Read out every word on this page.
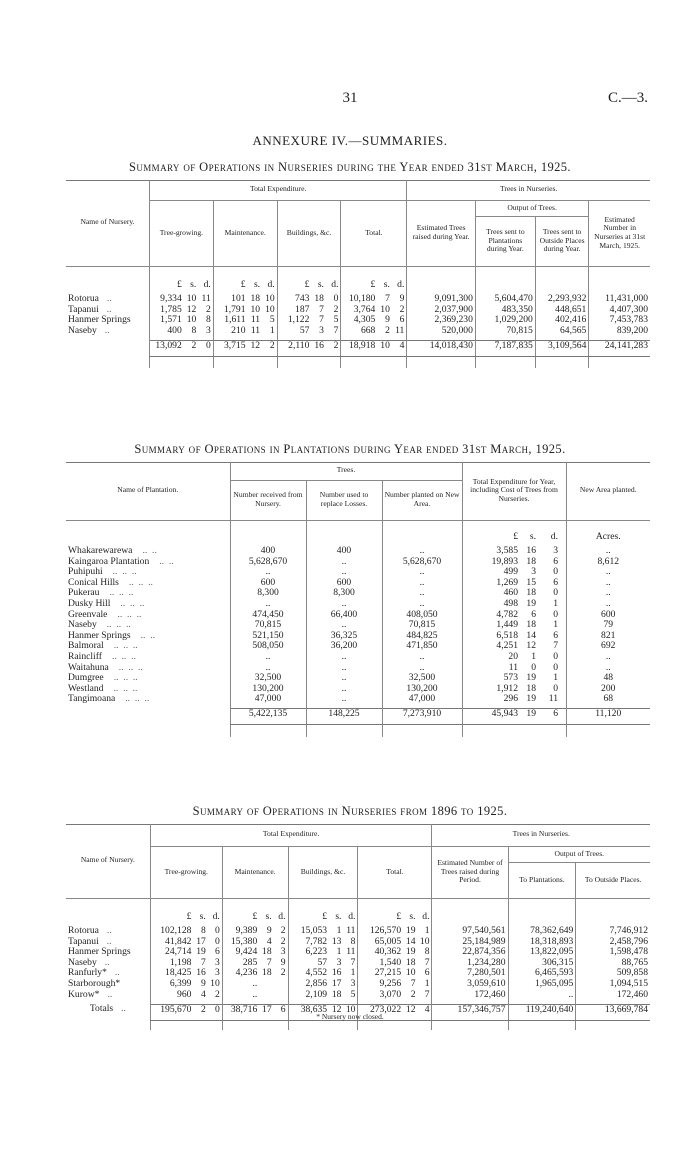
31	C.—3.
ANNEXURE IV.—SUMMARIES.
Summary of Operations in Nurseries during the Year ended 31st March, 1925.
Name of Nursery.	Total Expenditure.												Trees in Nurseries.			
	Tree-growing.			Maintenance.			Buildings, &c.			Total.			Estimated Trees raised during Year.	Output of Trees.		Estimated Number in Nurseries at 31st March, 1925.
														Trees sent to Plantations during Year.	Trees sent to Outside Places during Year.	

	£	s.	d.	£	s.	d.	£	s.	d.	£	s.	d.				
Rotorua ..	9,334	10	11	101	18	10	743	18	0	10,180	7	9	9,091,300	5,604,470	2,293,932	11,431,000
Tapanui ..	1,785	12	2	1,791	10	10	187	7	2	3,764	10	2	2,037,900	483,350	448,651	4,407,300
Hanmer Springs	1,571	10	8	1,611	11	5	1,122	7	5	4,305	9	6	2,369,230	1,029,200	402,416	7,453,783
Naseby ..	400	8	3	210	11	1	57	3	7	668	2	11	520,000	70,815	64,565	839,200

	13,092	2	0	3,715	12	2	2,110	16	2	18,918	10	4	14,018,430	7,187,835	3,109,564	24,141,283

Summary of Operations in Plantations during Year ended 31st March, 1925.
Name of Plantation.	Trees.			Total Expenditure for Year, including Cost of Trees from Nurseries.				New Area planted.
	Number received from Nursery.	Number used to replace Losses.	Number planted on New Area.					

				£	s.	d.		Acres.
Whakarewarewa ..  ..	400	400	..	3,585	16	3		..
Kaingaroa Plantation ..  ..	5,628,670	..	5,628,670	19,893	18	6		8,612
Puhipuhi ..  ..  ..	..	..	..	499	3	0		..
Conical Hills ..  ..  ..	600	600	..	1,269	15	6		..
Pukerau ..  ..  ..	8,300	8,300	..	460	18	0		..
Dusky Hill ..  ..  ..	..	..	..	498	19	1		..
Greenvale ..  ..  ..	474,450	66,400	408,050	4,782	6	0		600
Naseby ..  ..  ..	70,815	..	70,815	1,449	18	1		79
Hanmer Springs ..  ..	521,150	36,325	484,825	6,518	14	6		821
Balmoral ..  ..  ..	508,050	36,200	471,850	4,251	12	7		692
Raincliff ..  ..  ..	..	..	..	20	1	0		..
Waitahuna ..  ..  ..	..	..	..	11	0	0		..
Dumgree ..  ..  ..	32,500	..	32,500	573	19	1		48
Westland ..  ..  ..	130,200	..	130,200	1,912	18	0		200
Tangimoana ..  ..  ..	47,000	..	47,000	296	19	11		68

	5,422,135	148,225	7,273,910	45,943	19	6		11,120

Summary of Operations in Nurseries from 1896 to 1925.
Name of Nursery.	Total Expenditure.												Trees in Nurseries.		
	Tree-growing.			Maintenance.			Buildings, &c.			Total.			Estimated Number of Trees raised during Period.	Output of Trees.	
														To Plantations.	To Outside Places.

	£	s.	d.	£	s.	d.	£	s.	d.	£	s.	d.			
Rotorua ..	102,128	8	0	9,389	9	2	15,053	1	11	126,570	19	1	97,540,561	78,362,649	7,746,912
Tapanui ..	41,842	17	0	15,380	4	2	7,782	13	8	65,005	14	10	25,184,989	18,318,893	2,458,796
Hanmer Springs	24,714	19	6	9,424	18	3	6,223	1	11	40,362	19	8	22,874,356	13,822,095	1,598,478
Naseby ..	1,198	7	3	285	7	9	57	3	7	1,540	18	7	1,234,280	306,315	88,765
Ranfurly* ..	18,425	16	3	4,236	18	2	4,552	16	1	27,215	10	6	7,280,501	6,465,593	509,858
Starborough*	6,399	9	10	..			2,856	17	3	9,256	7	1	3,059,610	1,965,095	1,094,515
Kurow* ..	960	4	2	..			2,109	18	5	3,070	2	7	172,460	..	172,460

Totals ..	195,670	2	0	38,716	17	6	38,635	12	10	273,022	12	4	157,346,757	119,240,640	13,669,784

* Nursery now closed.
